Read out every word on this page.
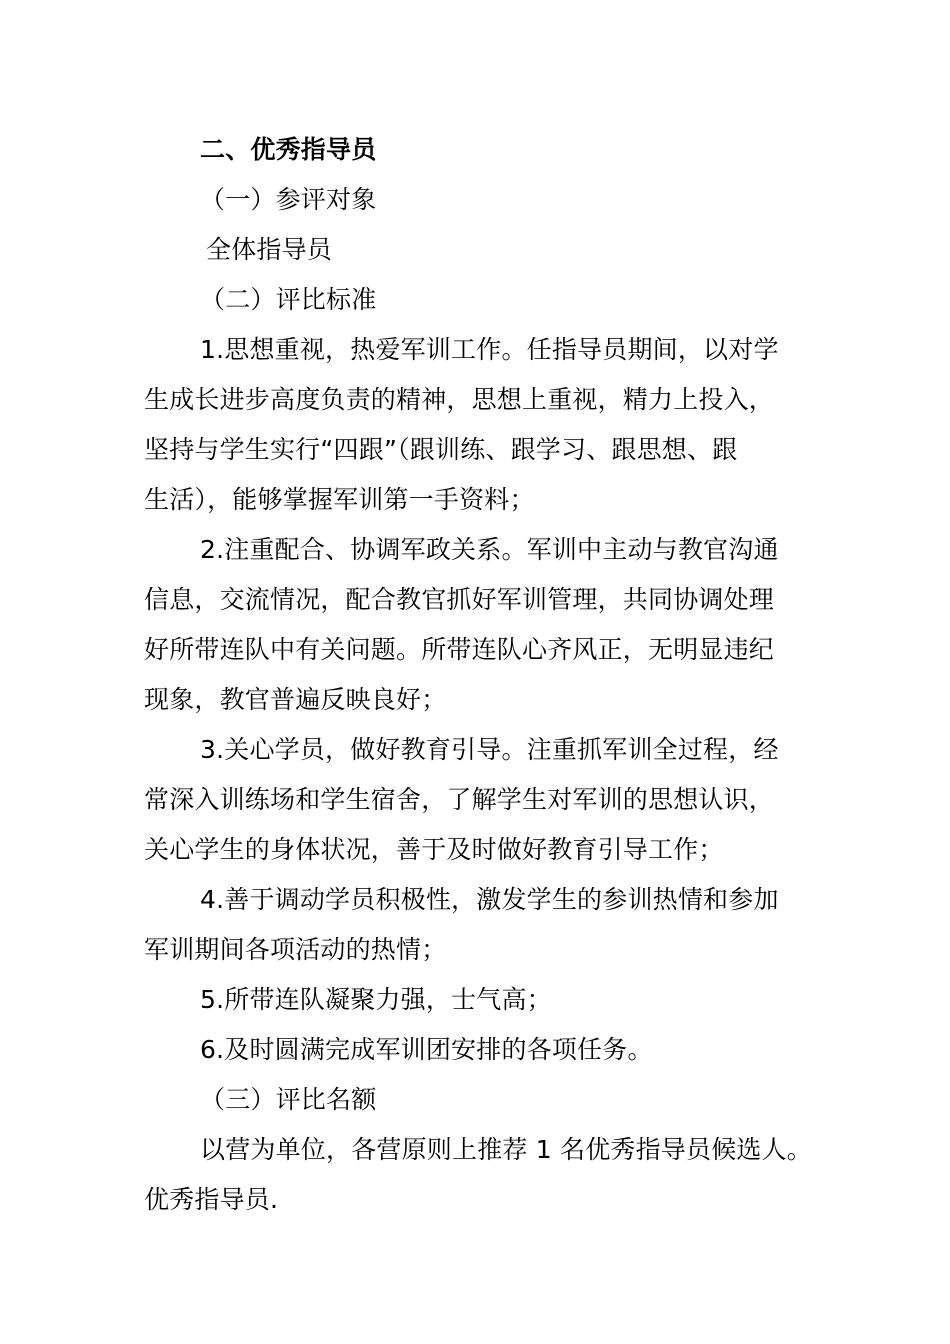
二、优秀指导员
（一）参评对象
全体指导员
（二）评比标准
1.思想重视，热爱军训工作。任指导员期间，以对学
生成长进步高度负责的精神，思想上重视，精力上投入，
坚持与学生实行“四跟”（跟训练、跟学习、跟思想、跟
生活），能够掌握军训第一手资料；
2.注重配合、协调军政关系。军训中主动与教官沟通
信息，交流情况，配合教官抓好军训管理，共同协调处理
好所带连队中有关问题。所带连队心齐风正，无明显违纪
现象，教官普遍反映良好；
3.关心学员，做好教育引导。注重抓军训全过程，经
常深入训练场和学生宿舍，了解学生对军训的思想认识，
关心学生的身体状况，善于及时做好教育引导工作；
4.善于调动学员积极性，激发学生的参训热情和参加
军训期间各项活动的热情；
5.所带连队凝聚力强，士气高；
6.及时圆满完成军训团安排的各项任务。
（三）评比名额
以营为单位，各营原则上推荐 1 名优秀指导员候选人。
优秀指导员.
